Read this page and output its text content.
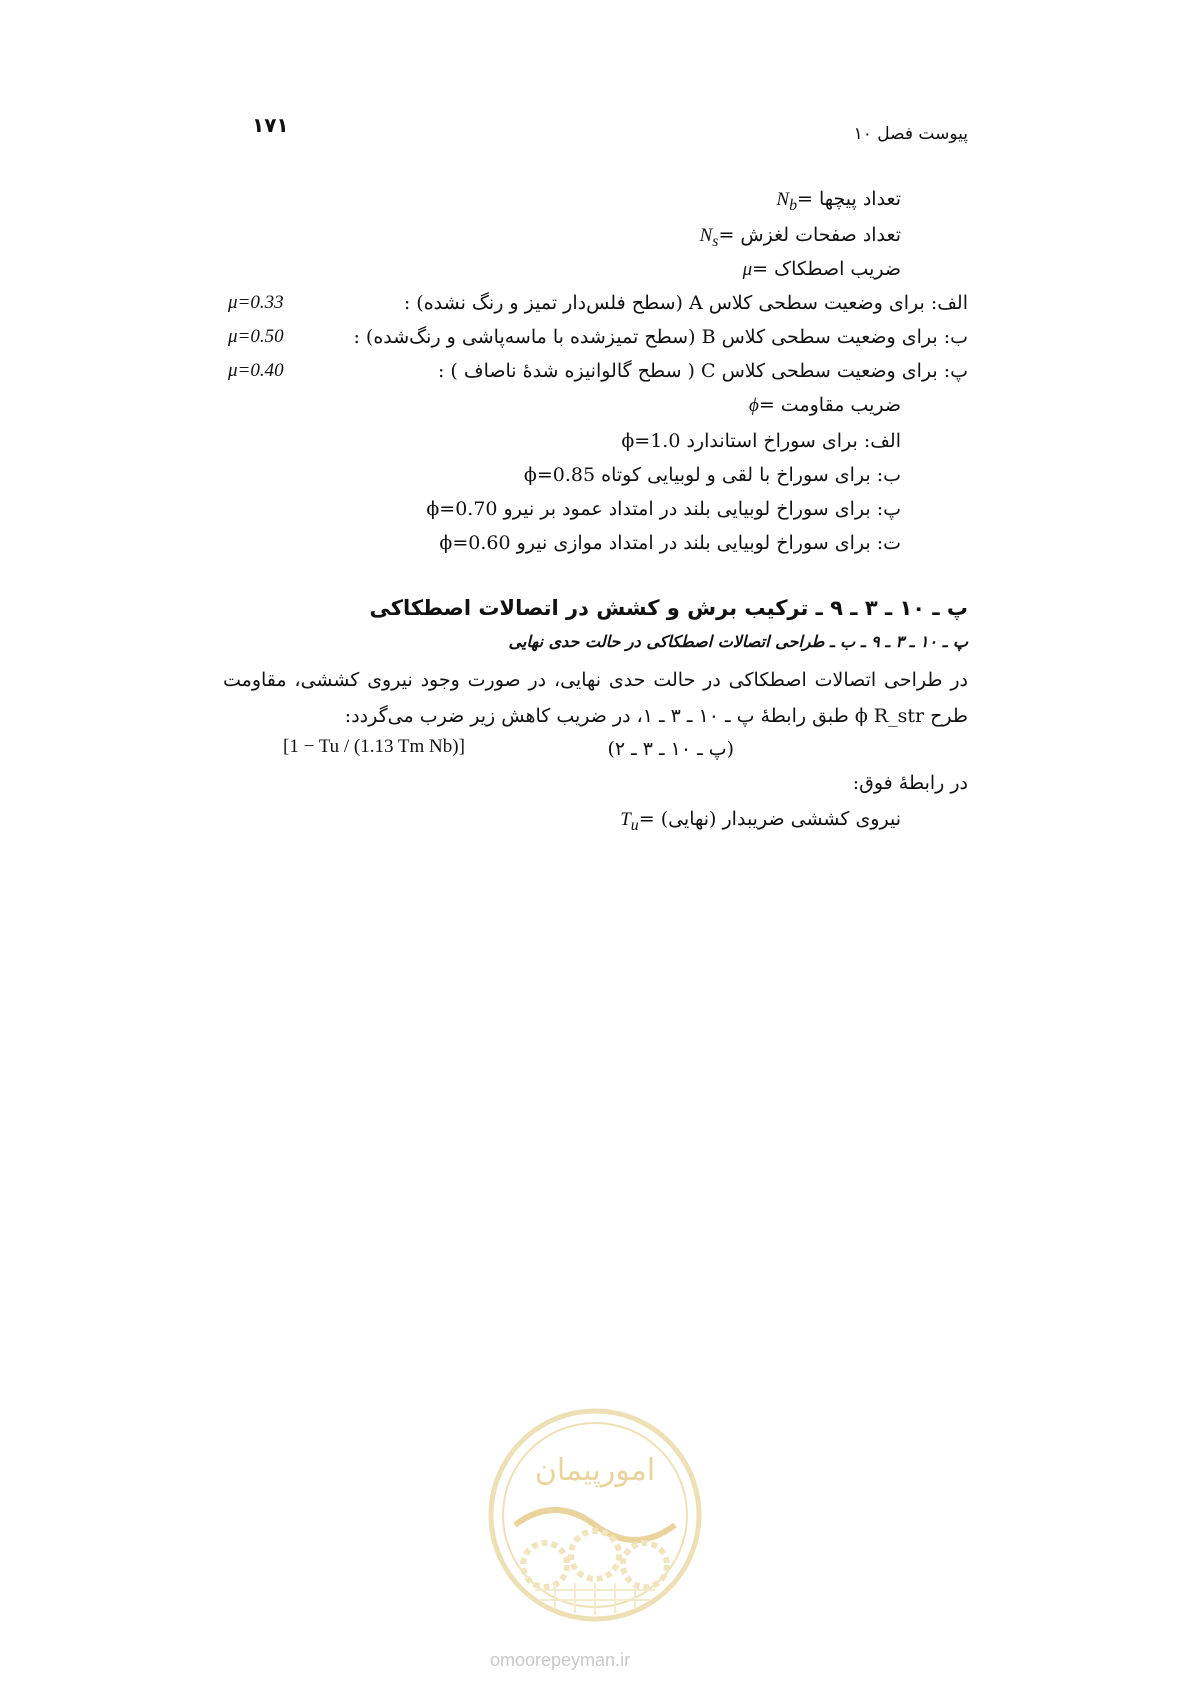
۱۷۱	پیوست فصل ۱۰
$N_b=$ تعداد پیچها
$N_s=$ تعداد صفحات لغزش
μ= ضریب اصطکاک
الف: برای وضعیت سطحی کلاس A (سطح فلس‌دار تمیز و رنگ نشده) :
μ=0.33
ب: برای وضعیت سطحی کلاس B (سطح تمیزشده با ماسه‌پاشی و رنگ‌شده) :
μ=0.50
پ: برای وضعیت سطحی کلاس C ( سطح گالوانیزه شدهٔ ناصاف ) :
μ=0.40
ϕ= ضریب مقاومت
الف: برای سوراخ استاندارد 1.0=ϕ
ب: برای سوراخ با لقی و لوبیایی کوتاه 0.85=ϕ
پ: برای سوراخ لوبیایی بلند در امتداد عمود بر نیرو 0.70=ϕ
ت: برای سوراخ لوبیایی بلند در امتداد موازی نیرو 0.60=ϕ
پ ـ ۱۰ ـ ۳ ـ ۹ ـ ترکیب برش و کشش در اتصالات اصطکاکی
پ ـ ۱۰ ـ ۳ ـ ۹ ـ ب ـ طراحی اتصالات اصطکاکی در حالت حدی نهایی
در طراحی اتصالات اصطکاکی در حالت حدی نهایی، در صورت وجود نیروی کششی، مقاومت طرح ϕ R_str طبق رابطهٔ پ ـ ۱۰ ـ ۳ ـ ۱، در ضریب کاهش زیر ضرب می‌گردد:
[1 − Tu / (1.13 Tm Nb)]	(پ ـ ۱۰ ـ ۳ ـ ۲)
در رابطهٔ فوق:
$T_u=$ نیروی کششی ضریبدار (نهایی)
امورپیمان
omoorepeyman.ir
